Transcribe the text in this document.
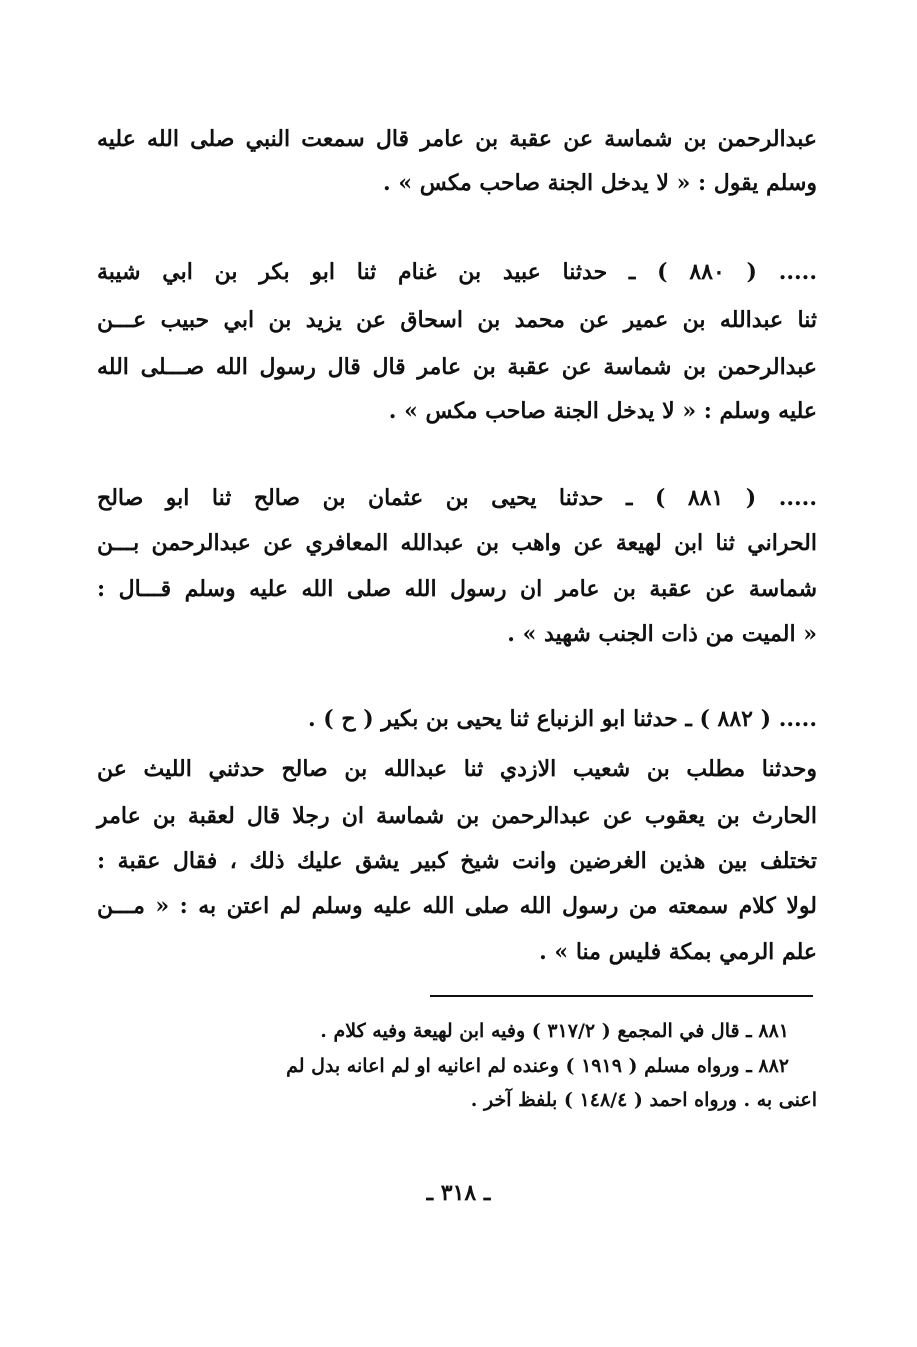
عبدالرحمن بن شماسة عن عقبة بن عامر قال سمعت النبي صلى الله عليه
وسلم يقول : « لا يدخل الجنة صاحب مكس » .
..... ( ٨٨٠ ) ـ حدثنا عبيد بن غنام ثنا ابو بكر بن ابي شيبة
ثنا عبدالله بن عمير عن محمد بن اسحاق عن يزيد بن ابي حبيب عـــن
عبدالرحمن بن شماسة عن عقبة بن عامر قال قال رسول الله صـــلى الله
عليه وسلم : « لا يدخل الجنة صاحب مكس » .
..... ( ٨٨١ ) ـ حدثنا يحيى بن عثمان بن صالح ثنا ابو صالح
الحراني ثنا ابن لهيعة عن واهب بن عبدالله المعافري عن عبدالرحمن بـــن
شماسة عن عقبة بن عامر ان رسول الله صلى الله عليه وسلم قـــال :
« الميت من ذات الجنب شهيد » .
..... ( ٨٨٢ ) ـ حدثنا ابو الزنباع ثنا يحيى بن بكير ( ح ) .
وحدثنا مطلب بن شعيب الازدي ثنا عبدالله بن صالح حدثني الليث عن
الحارث بن يعقوب عن عبدالرحمن بن شماسة ان رجلا قال لعقبة بن عامر
تختلف بين هذين الغرضين وانت شيخ كبير يشق عليك ذلك ، فقال عقبة :
لولا كلام سمعته من رسول الله صلى الله عليه وسلم لم اعتن به : « مـــن
علم الرمي بمكة فليس منا » .
٨٨١ ـ قال في المجمع ( ٣١٧/٢ ) وفيه ابن لهيعة وفيه كلام .
٨٨٢ ـ ورواه مسلم ( ١٩١٩ ) وعنده لم اعانيه او لم اعانه بدل لم
اعنى به . ورواه احمد ( ١٤٨/٤ ) بلفظ آخر .
ـ ٣١٨ ـ
